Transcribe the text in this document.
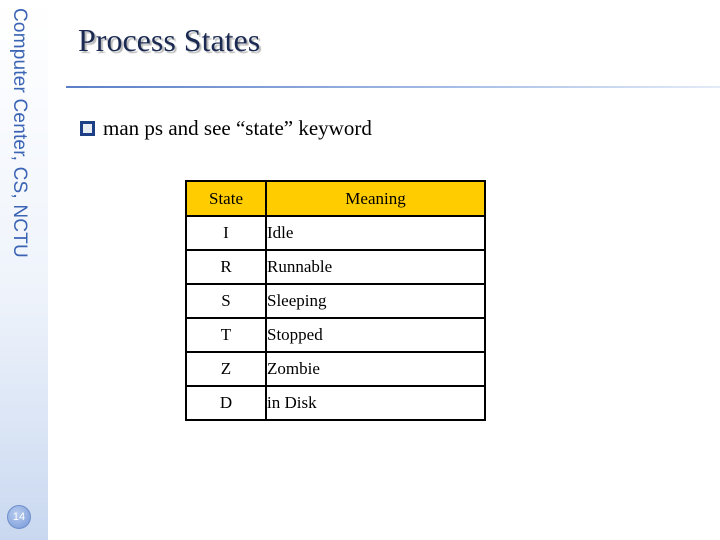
Computer Center, CS, NCTU
14
Process States
man ps and see “state” keyword
State	Meaning
I	Idle
R	Runnable
S	Sleeping
T	Stopped
Z	Zombie
D	in Disk
